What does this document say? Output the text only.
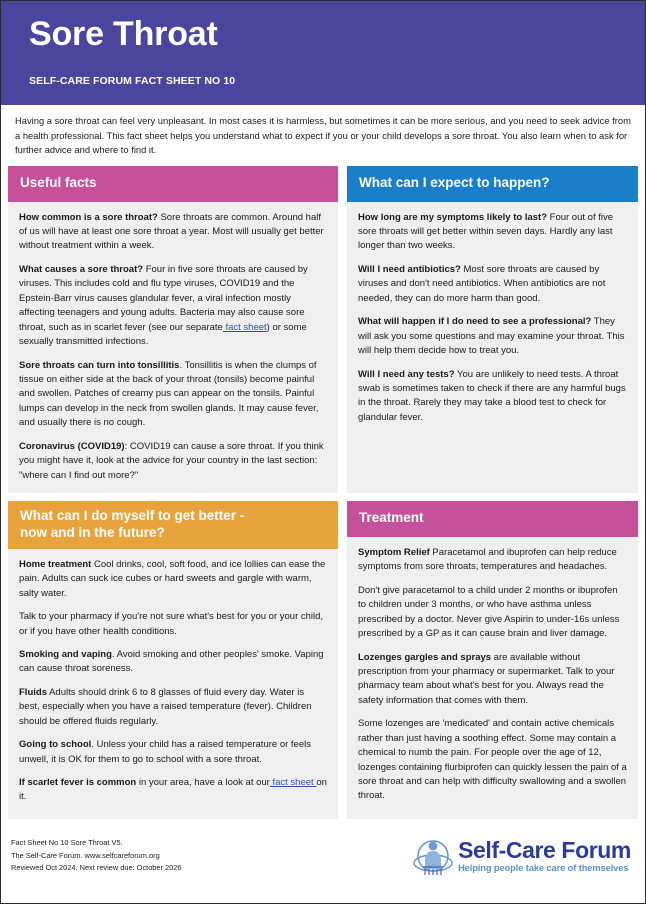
Sore Throat
SELF-CARE FORUM FACT SHEET NO 10
Having a sore throat can feel very unpleasant. In most cases it is harmless, but sometimes it can be more serious, and you need to seek advice from a health professional. This fact sheet helps you understand what to expect if you or your child develops a sore throat. You also learn when to ask for further advice and where to find it.
Useful facts

How common is a sore throat? Sore throats are common. Around half of us will have at least one sore throat a year. Most will usually get better without treatment within a week.

What causes a sore throat? Four in five sore throats are caused by viruses. This includes cold and flu type viruses, COVID19 and the Epstein-Barr virus causes glandular fever, a viral infection mostly affecting teenagers and young adults. Bacteria may also cause sore throat, such as in scarlet fever (see our separate fact sheet) or some sexually transmitted infections.

Sore throats can turn into tonsillitis. Tonsillitis is when the clumps of tissue on either side at the back of your throat (tonsils) become painful and swollen. Patches of creamy pus can appear on the tonsils. Painful lumps can develop in the neck from swollen glands. It may cause fever, and usually there is no cough.

Coronavirus (COVID19): COVID19 can cause a sore throat. If you think you might have it, look at the advice for your country in the last section: "where can I find out more?"

What can I expect to happen?

How long are my symptoms likely to last? Four out of five sore throats will get better within seven days. Hardly any last longer than two weeks.

Will I need antibiotics? Most sore throats are caused by viruses and don't need antibiotics. When antibiotics are not needed, they can do more harm than good.

What will happen if I do need to see a professional? They will ask you some questions and may examine your throat. This will help them decide how to treat you.

Will I need any tests? You are unlikely to need tests. A throat swab is sometimes taken to check if there are any harmful bugs in the throat. Rarely they may take a blood test to check for glandular fever.

What can I do myself to get better -
now and in the future?

Home treatment Cool drinks, cool, soft food, and ice lollies can ease the pain. Adults can suck ice cubes or hard sweets and gargle with warm, salty water.

Talk to your pharmacy if you're not sure what's best for you or your child, or if you have other health conditions.

Smoking and vaping. Avoid smoking and other peoples' smoke. Vaping can cause throat soreness.

Fluids Adults should drink 6 to 8 glasses of fluid every day. Water is best, especially when you have a raised temperature (fever). Children should be offered fluids regularly.

Going to school. Unless your child has a raised temperature or feels unwell, it is OK for them to go to school with a sore throat.

If scarlet fever is common in your area, have a look at our fact sheet on it.

Treatment

Symptom Relief Paracetamol and ibuprofen can help reduce symptoms from sore throats, temperatures and headaches.

Don't give paracetamol to a child under 2 months or ibuprofen to children under 3 months, or who have asthma unless prescribed by a doctor. Never give Aspirin to under-16s unless prescribed by a GP as it can cause brain and liver damage.

Lozenges gargles and sprays are available without prescription from your pharmacy or supermarket. Talk to your pharmacy team about what's best for you. Always read the safety information that comes with them.

Some lozenges are 'medicated' and contain active chemicals rather than just having a soothing effect. Some may contain a chemical to numb the pain. For people over the age of 12, lozenges containing flurbiprofen can quickly lessen the pain of a sore throat and can help with difficulty swallowing and a swollen throat.

Fact Sheet No 10 Sore Throat V5.
The Self-Care Forum. www.selfcareforum.org
Reviewed Oct 2024. Next review due: October 2026
Self-Care Forum
Helping people take care of themselves
